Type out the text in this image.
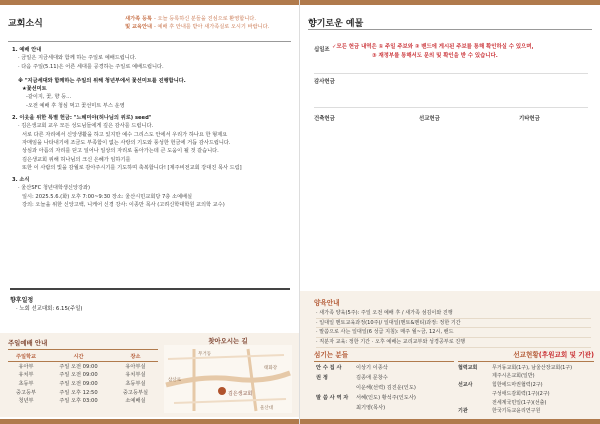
교회소식	새가족 등록
및 교육안내
- 오늘 등록하신 분들을 진심으로 환영합니다.
- 예배 후 안내를 받아 새가족실로 오시기 바랍니다.
1. 예배 안내
· 금일은 지금세대와 함께 하는 주일로 예배드립니다.
· 다음 주일(5.11)은 어른 세대를 공경하는 주일로 예배드립니다.
※ "지금세대와 함께하는 주일의 위해 청년부에서 꽃선미트를 진행합니다.
★꽃선미트
-같이지, 꽃, 향 등...
-오전 예배 후 청심 먹고 꽃선미트 부스 운영
2. 이웃을 위한 특별 헌금: "느헤미야(허나님의 위로) seed"
· 김은생교회 교우 모든 성도님들에게 깊은 감사를 드립니다.
서로 다른 자리에서 신앙생활을 하고 있지만 예수 그리스도 안에서 우리가 하나요 한 형제요
자매임을 나타내기에 조금도 부족함이 없는 사랑의 기도와 풍성한 헌금에 거듭 감사드립니다.
상심과 아픔의 자리를 딛고 일어나 일상의 자리로 돌아가는데 큰 도움이 될 것 같습니다.
김은생교회 위해 허나님의 크신 은혜가 임하기를
또한 이 사람의 빛을 감월로 감아주시기를 기도하며 축복합니다! [제주비전교회 강대진 목사 드림]
3. 소식
· 울산SFC 청년대학생신앙강좌)
일시: 2025.5.6.(화) 오후 7:00~9:30 장소: 울산시민교회당 7층 소예배실
강의: 오늘을 위한 신앙고백, 니케어 신경 강사: 이종만 목사 (고려신학대학원 교의학 교수)
향후일정
· 노회 선교대회: 6.15(주일)
주일예배 안내
주일학교	시간	장소
유아부	주일 오전 09:00	유아부실
유치부	주일 오전 09:00	유치부실
초등부	주일 오전 09:00	초등부실
중고등부	주일 오후 12:50	중고등부실
청년부	주일 오후 03:00	소예배실
찾아오시는 길
김은생교회
태화강
삼산로
무거동
울산대
향기로운 예물
십일조 ✓모든 헌금 내역은 ① 주일 주보와 ② 밴드에 게시된 주보를 통해 확인하실 수 있으며,
③ 재정부를 통해서도 문의 및 확인을 받 수 있습니다.
감사헌금
건축헌금	선교헌금	기타헌금
양육안내
· 새가족 양육(5주): 주일 오전 예배 후 / 새가족 섬김이와 진행
· 일대일 멘토교육과정(10주)/ 일대일(멘토&멘티)과정: 정한 기간
· 말씀으로 사는 일대일(6 성급 지침): 매주 월~금, 12시, 밴드
· 직분자 교육: 정한 기간 · 오후 예배는 교리교부와 성경공부로 진행
섬기는 분들
안 수 집 사	이상기 이종삭
권 정	김종애 문창수
이운해(선력) 김진운(인도)
말 씀 사 역 자 서혜(인도) 황석주(인도사)
최기영(목사)
선교현황(후원교회 및 기관)
협력교회	무거동교회(1구), 남울산장교회(1구)
제주시온교회(일반)
선교사	힘한에드마권협력(2구)
구성애드감회력(1구)(2구)
전세계국민일(1구)(선출)
기관	한국기독교윤리연구원
